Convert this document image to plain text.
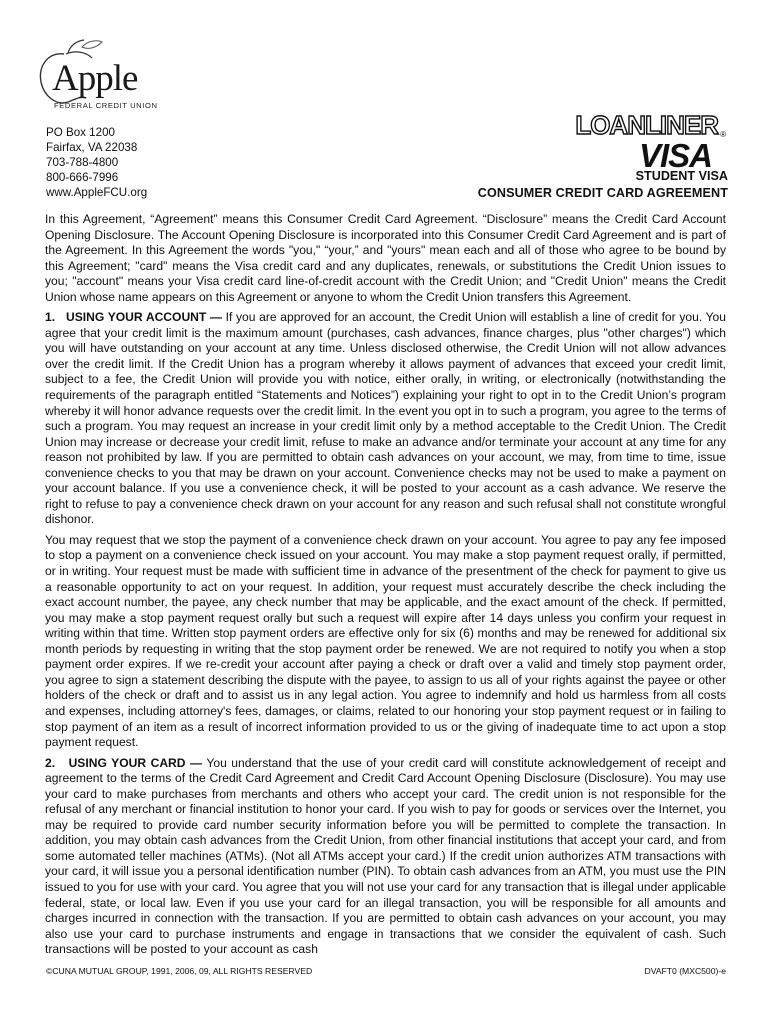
Apple
FEDERAL CREDIT UNION
PO Box 1200
Fairfax, VA 22038
703-788-4800
800-666-7996
www.AppleFCU.org
LOANLINER ®
VISA
STUDENT VISA
CONSUMER CREDIT CARD AGREEMENT

In this Agreement, “Agreement” means this Consumer Credit Card Agreement. “Disclosure” means the Credit Card Account Opening Disclosure. The Account Opening Disclosure is incorporated into this Consumer Credit Card Agreement and is part of the Agreement. In this Agreement the words "you," “your,” and "yours" mean each and all of those who agree to be bound by this Agreement; "card" means the Visa credit card and any duplicates, renewals, or substitutions the Credit Union issues to you; "account" means your Visa credit card line-of-credit account with the Credit Union; and "Credit Union" means the Credit Union whose name appears on this Agreement or anyone to whom the Credit Union transfers this Agreement.

1. USING YOUR ACCOUNT — If you are approved for an account, the Credit Union will establish a line of credit for you. You agree that your credit limit is the maximum amount (purchases, cash advances, finance charges, plus "other charges") which you will have outstanding on your account at any time. Unless disclosed otherwise, the Credit Union will not allow advances over the credit limit. If the Credit Union has a program whereby it allows payment of advances that exceed your credit limit, subject to a fee, the Credit Union will provide you with notice, either orally, in writing, or electronically (notwithstanding the requirements of the paragraph entitled “Statements and Notices”) explaining your right to opt in to the Credit Union’s program whereby it will honor advance requests over the credit limit. In the event you opt in to such a program, you agree to the terms of such a program. You may request an increase in your credit limit only by a method acceptable to the Credit Union. The Credit Union may increase or decrease your credit limit, refuse to make an advance and/or terminate your account at any time for any reason not prohibited by law. If you are permitted to obtain cash advances on your account, we may, from time to time, issue convenience checks to you that may be drawn on your account. Convenience checks may not be used to make a payment on your account balance. If you use a convenience check, it will be posted to your account as a cash advance. We reserve the right to refuse to pay a convenience check drawn on your account for any reason and such refusal shall not constitute wrongful dishonor.

You may request that we stop the payment of a convenience check drawn on your account. You agree to pay any fee imposed to stop a payment on a convenience check issued on your account. You may make a stop payment request orally, if permitted, or in writing. Your request must be made with sufficient time in advance of the presentment of the check for payment to give us a reasonable opportunity to act on your request. In addition, your request must accurately describe the check including the exact account number, the payee, any check number that may be applicable, and the exact amount of the check. If permitted, you may make a stop payment request orally but such a request will expire after 14 days unless you confirm your request in writing within that time. Written stop payment orders are effective only for six (6) months and may be renewed for additional six month periods by requesting in writing that the stop payment order be renewed. We are not required to notify you when a stop payment order expires. If we re-credit your account after paying a check or draft over a valid and timely stop payment order, you agree to sign a statement describing the dispute with the payee, to assign to us all of your rights against the payee or other holders of the check or draft and to assist us in any legal action. You agree to indemnify and hold us harmless from all costs and expenses, including attorney's fees, damages, or claims, related to our honoring your stop payment request or in failing to stop payment of an item as a result of incorrect information provided to us or the giving of inadequate time to act upon a stop payment request.

2. USING YOUR CARD — You understand that the use of your credit card will constitute acknowledgement of receipt and agreement to the terms of the Credit Card Agreement and Credit Card Account Opening Disclosure (Disclosure). You may use your card to make purchases from merchants and others who accept your card. The credit union is not responsible for the refusal of any merchant or financial institution to honor your card. If you wish to pay for goods or services over the Internet, you may be required to provide card number security information before you will be permitted to complete the transaction. In addition, you may obtain cash advances from the Credit Union, from other financial institutions that accept your card, and from some automated teller machines (ATMs). (Not all ATMs accept your card.) If the credit union authorizes ATM transactions with your card, it will issue you a personal identification number (PIN). To obtain cash advances from an ATM, you must use the PIN issued to you for use with your card. You agree that you will not use your card for any transaction that is illegal under applicable federal, state, or local law. Even if you use your card for an illegal transaction, you will be responsible for all amounts and charges incurred in connection with the transaction. If you are permitted to obtain cash advances on your account, you may also use your card to purchase instruments and engage in transactions that we consider the equivalent of cash. Such transactions will be posted to your account as cash

©CUNA MUTUAL GROUP, 1991, 2006, 09, ALL RIGHTS RESERVED	DVAFT0 (MXC500)-e
